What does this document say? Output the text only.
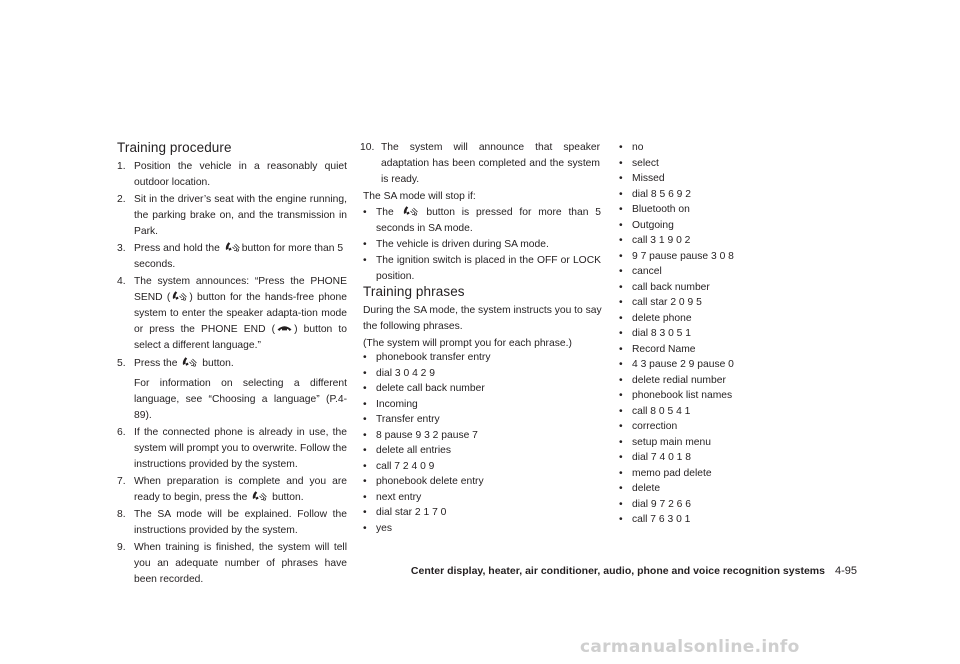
Training procedure
1. Position the vehicle in a reasonably quiet outdoor location.
2. Sit in the driver’s seat with the engine running, the parking brake on, and the transmission in Park.
3. Press and hold the button for more than 5 seconds.
4. The system announces: “Press the PHONE SEND ( ) button for the hands-free phone system to enter the speaker adapta-tion mode or press the PHONE END ( ) button to select a different language.”
5. Press the button.
For information on selecting a different language, see “Choosing a language” (P.4-89).
6. If the connected phone is already in use, the system will prompt you to overwrite. Follow the instructions provided by the system.
7. When preparation is complete and you are ready to begin, press the button.
8. The SA mode will be explained. Follow the instructions provided by the system.
9. When training is finished, the system will tell you an adequate number of phrases have been recorded.
10. The system will announce that speaker adaptation has been completed and the system is ready.
The SA mode will stop if:
• The	button is pressed for more than 5 seconds in SA mode.
• The vehicle is driven during SA mode.
• The ignition switch is placed in the OFF or LOCK position.
Training phrases
During the SA mode, the system instructs you to say the following phrases.
(The system will prompt you for each phrase.)
• phonebook transfer entry
• dial 3 0 4 2 9
• delete call back number
• Incoming
• Transfer entry
• 8 pause 9 3 2 pause 7
• delete all entries
• call 7 2 4 0 9
• phonebook delete entry
• next entry
• dial star 2 1 7 0
• yes
• no
• select
• Missed
• dial 8 5 6 9 2
• Bluetooth on
• Outgoing
• call 3 1 9 0 2
• 9 7 pause pause 3 0 8
• cancel
• call back number
• call star 2 0 9 5
• delete phone
• dial 8 3 0 5 1
• Record Name
• 4 3 pause 2 9 pause 0
• delete redial number
• phonebook list names
• call 8 0 5 4 1
• correction
• setup main menu
• dial 7 4 0 1 8
• memo pad delete
• delete
• dial 9 7 2 6 6
• call 7 6 3 0 1
Center display, heater, air conditioner, audio, phone and voice recognition systems 4-95
carmanualsonline.info
